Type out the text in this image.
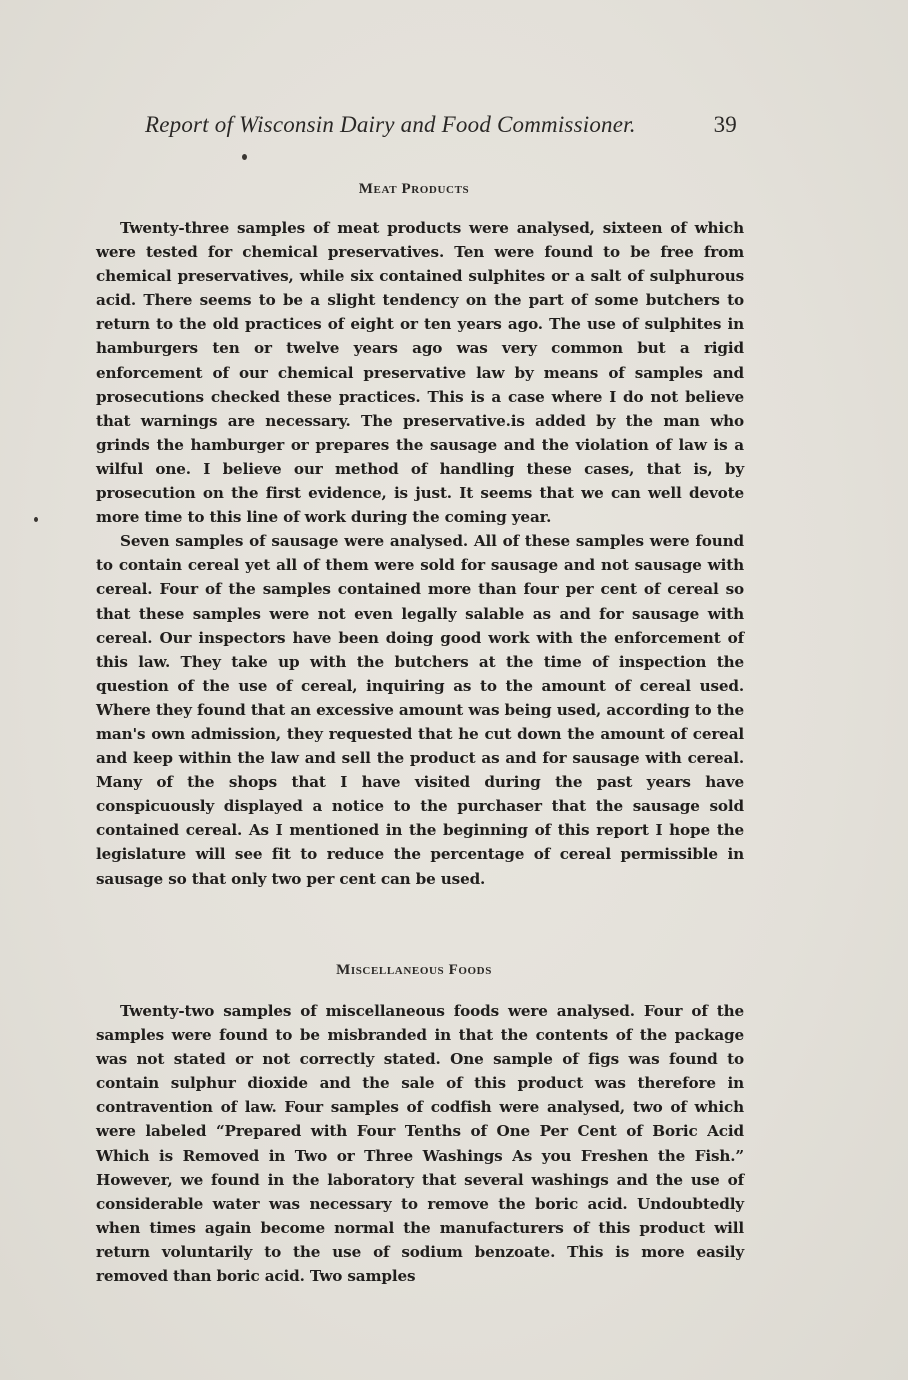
Report of Wisconsin Dairy and Food Commissioner.	39
Meat Products

Twenty-three samples of meat products were analysed, sixteen of which were tested for chemical preservatives. Ten were found to be free from chemical preservatives, while six contained sulphites or a salt of sulphurous acid. There seems to be a slight tendency on the part of some butchers to return to the old practices of eight or ten years ago. The use of sulphites in hamburgers ten or twelve years ago was very common but a rigid enforcement of our chemical preservative law by means of samples and prosecutions checked these practices. This is a case where I do not believe that warnings are necessary. The preservative.is added by the man who grinds the hamburger or prepares the sausage and the violation of law is a wilful one. I believe our method of handling these cases, that is, by prosecution on the first evidence, is just. It seems that we can well devote more time to this line of work during the coming year.

Seven samples of sausage were analysed. All of these samples were found to contain cereal yet all of them were sold for sausage and not sausage with cereal. Four of the samples contained more than four per cent of cereal so that these samples were not even legally salable as and for sausage with cereal. Our inspectors have been doing good work with the enforcement of this law. They take up with the butchers at the time of inspection the question of the use of cereal, inquiring as to the amount of cereal used. Where they found that an excessive amount was being used, according to the man's own admission, they requested that he cut down the amount of cereal and keep within the law and sell the product as and for sausage with cereal. Many of the shops that I have visited during the past years have conspicuously displayed a notice to the purchaser that the sausage sold contained cereal. As I mentioned in the beginning of this report I hope the legislature will see fit to reduce the percentage of cereal permissible in sausage so that only two per cent can be used.

Miscellaneous Foods

Twenty-two samples of miscellaneous foods were analysed. Four of the samples were found to be misbranded in that the contents of the package was not stated or not correctly stated. One sample of figs was found to contain sulphur dioxide and the sale of this product was therefore in contravention of law. Four samples of codfish were analysed, two of which were labeled “Prepared with Four Tenths of One Per Cent of Boric Acid Which is Removed in Two or Three Washings As you Freshen the Fish.” However, we found in the laboratory that several washings and the use of considerable water was necessary to remove the boric acid. Undoubtedly when times again become normal the manufacturers of this product will return voluntarily to the use of sodium benzoate. This is more easily removed than boric acid. Two samples
